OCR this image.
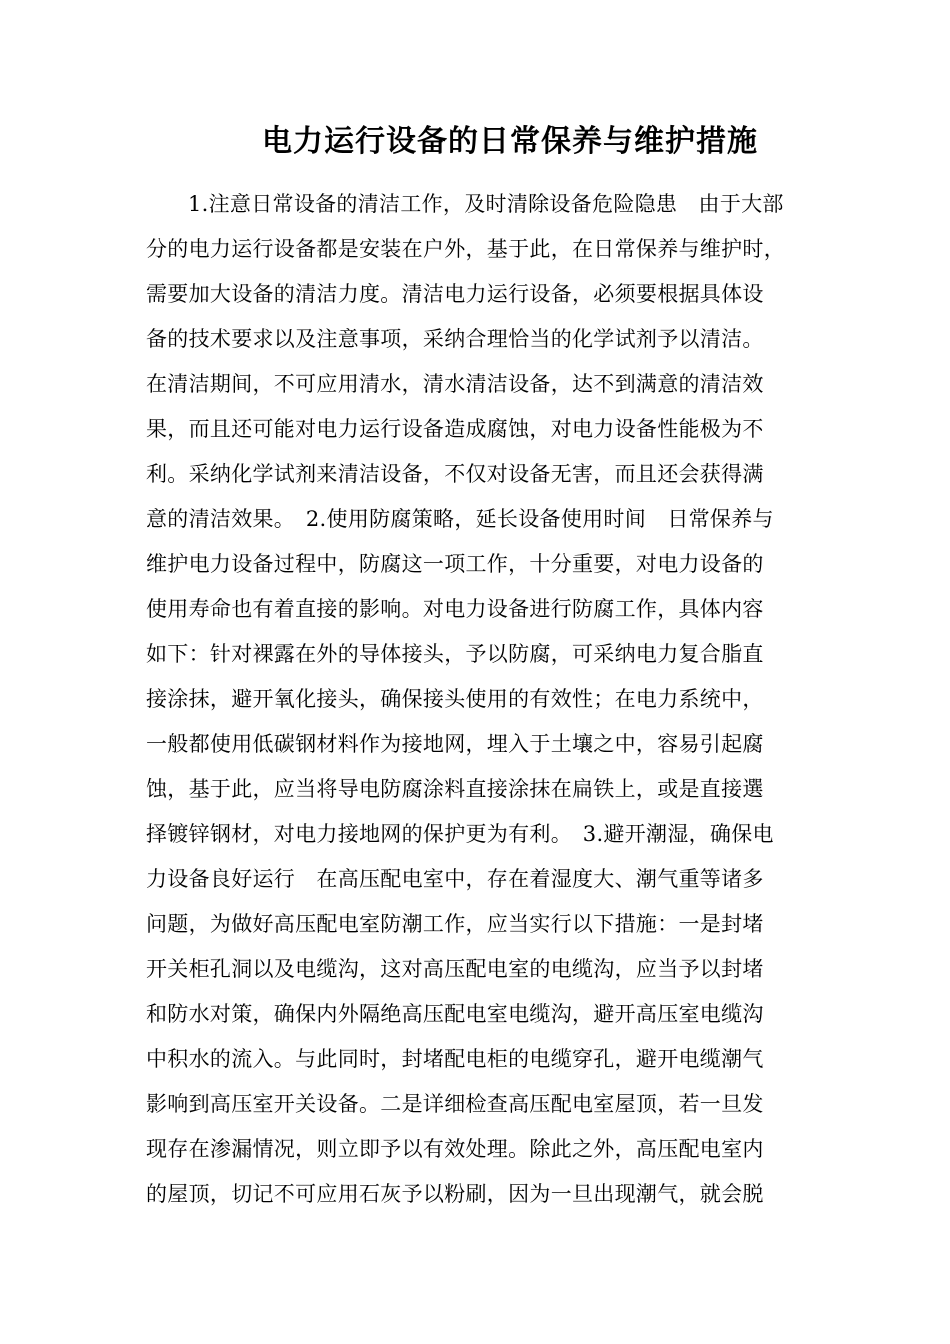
电力运行设备的日常保养与维护措施
1.注意日常设备的清洁工作，及时清除设备危险隐患　由于大部
分的电力运行设备都是安装在户外，基于此，在日常保养与维护时，
需要加大设备的清洁力度。清洁电力运行设备，必须要根据具体设
备的技术要求以及注意事项，采纳合理恰当的化学试剂予以清洁。
在清洁期间，不可应用清水，清水清洁设备，达不到满意的清洁效
果，而且还可能对电力运行设备造成腐蚀，对电力设备性能极为不
利。采纳化学试剂来清洁设备，不仅对设备无害，而且还会获得满
意的清洁效果。　2.使用防腐策略，延长设备使用时间　日常保养与
维护电力设备过程中，防腐这一项工作，十分重要，对电力设备的
使用寿命也有着直接的影响。对电力设备进行防腐工作，具体内容
如下：针对裸露在外的导体接头，予以防腐，可采纳电力复合脂直
接涂抹，避开氧化接头，确保接头使用的有效性；在电力系统中，
一般都使用低碳钢材料作为接地网，埋入于土壤之中，容易引起腐
蚀，基于此，应当将导电防腐涂料直接涂抹在扁铁上，或是直接選
择镀锌钢材，对电力接地网的保护更为有利。　3.避开潮湿，确保电
力设备良好运行　在高压配电室中，存在着湿度大、潮气重等诸多
问题，为做好高压配电室防潮工作，应当实行以下措施：一是封堵
开关柜孔洞以及电缆沟，这对高压配电室的电缆沟，应当予以封堵
和防水对策，确保内外隔绝高压配电室电缆沟，避开高压室电缆沟
中积水的流入。与此同时，封堵配电柜的电缆穿孔，避开电缆潮气
影响到高压室开关设备。二是详细检查高压配电室屋顶，若一旦发
现存在渗漏情况，则立即予以有效处理。除此之外，高压配电室内
的屋顶，切记不可应用石灰予以粉刷，因为一旦出现潮气，就会脱
